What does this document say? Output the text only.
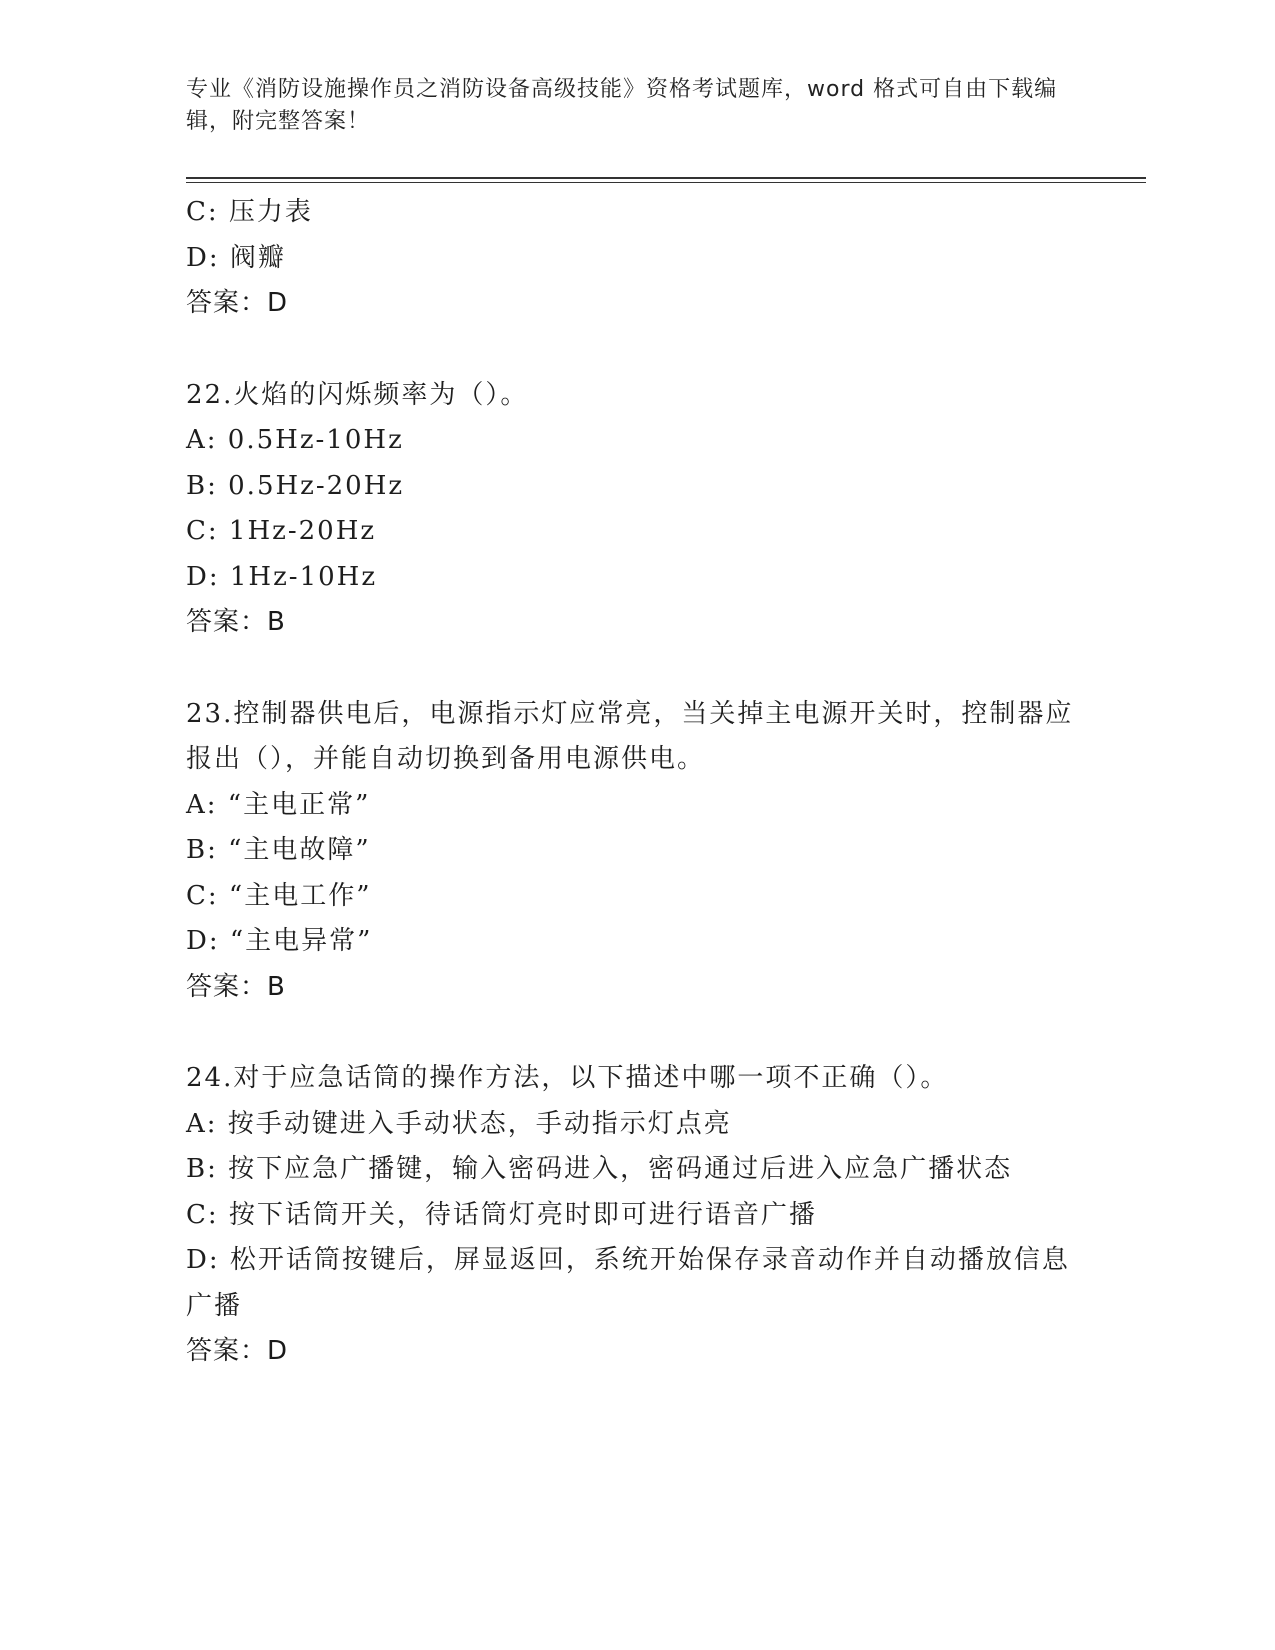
专业《消防设施操作员之消防设备高级技能》资格考试题库，word 格式可自由下载编辑，附完整答案！
C: 压力表
D: 阀瓣
答案：D
22.火焰的闪烁频率为（）。
A: 0.5Hz-10Hz
B: 0.5Hz-20Hz
C: 1Hz-20Hz
D: 1Hz-10Hz
答案：B
23.控制器供电后，电源指示灯应常亮，当关掉主电源开关时，控制器应报出（），并能自动切换到备用电源供电。
A: “主电正常”
B: “主电故障”
C: “主电工作”
D: “主电异常”
答案：B
24.对于应急话筒的操作方法，以下描述中哪一项不正确（）。
A: 按手动键进入手动状态，手动指示灯点亮
B: 按下应急广播键，输入密码进入，密码通过后进入应急广播状态
C: 按下话筒开关，待话筒灯亮时即可进行语音广播
D: 松开话筒按键后，屏显返回，系统开始保存录音动作并自动播放信息广播
答案：D
